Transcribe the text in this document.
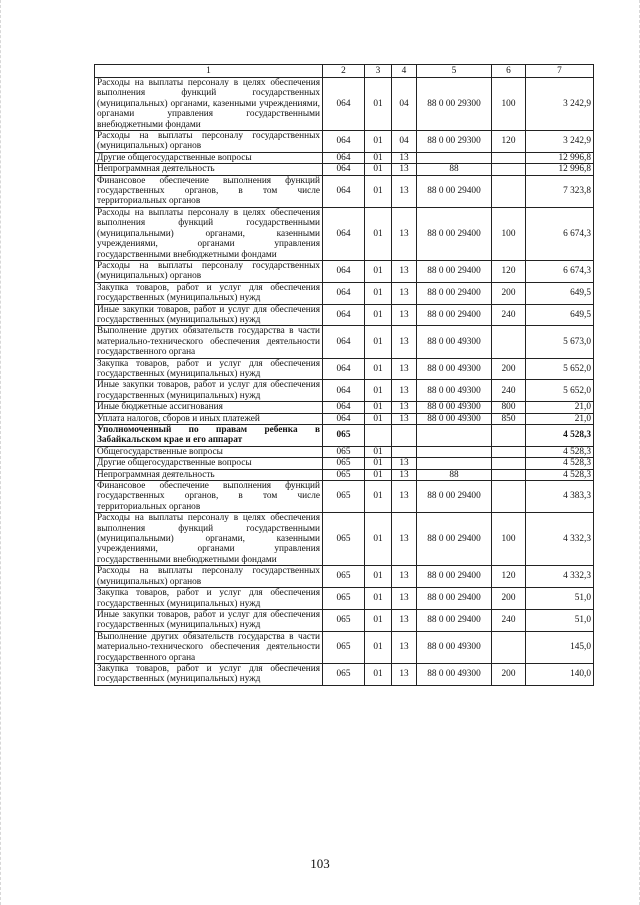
1	2	3	4	5	6	7
Расходы на выплаты персоналу в целях обеспечения выполнения функций государственных (муниципальных) органами, казенными учреждениями, органами управления государственными внебюджетными фондами	064	01	04	88 0 00 29300	100	3 242,9
Расходы на выплаты персоналу государственных (муниципальных) органов	064	01	04	88 0 00 29300	120	3 242,9
Другие общегосударственные вопросы	064	01	13			12 996,8
Непрограммная деятельность	064	01	13	88		12 996,8
Финансовое обеспечение выполнения функций государственных органов, в том числе территориальных органов	064	01	13	88 0 00 29400		7 323,8
Расходы на выплаты персоналу в целях обеспечения выполнения функций государственными (муниципальными) органами, казенными учреждениями, органами управления государственными внебюджетными фондами	064	01	13	88 0 00 29400	100	6 674,3
Расходы на выплаты персоналу государственных (муниципальных) органов	064	01	13	88 0 00 29400	120	6 674,3
Закупка товаров, работ и услуг для обеспечения государственных (муниципальных) нужд	064	01	13	88 0 00 29400	200	649,5
Иные закупки товаров, работ и услуг для обеспечения государственных (муниципальных) нужд	064	01	13	88 0 00 29400	240	649,5
Выполнение других обязательств государства в части материально-технического обеспечения деятельности государственного органа	064	01	13	88 0 00 49300		5 673,0
Закупка товаров, работ и услуг для обеспечения государственных (муниципальных) нужд	064	01	13	88 0 00 49300	200	5 652,0
Иные закупки товаров, работ и услуг для обеспечения государственных (муниципальных) нужд	064	01	13	88 0 00 49300	240	5 652,0
Иные бюджетные ассигнования	064	01	13	88 0 00 49300	800	21,0
Уплата налогов, сборов и иных платежей	064	01	13	88 0 00 49300	850	21,0
Уполномоченный по правам ребенка в Забайкальском крае и его аппарат	065					4 528,3
Общегосударственные вопросы	065	01				4 528,3
Другие общегосударственные вопросы	065	01	13			4 528,3
Непрограммная деятельность	065	01	13	88		4 528,3
Финансовое обеспечение выполнения функций государственных органов, в том числе территориальных органов	065	01	13	88 0 00 29400		4 383,3
Расходы на выплаты персоналу в целях обеспечения выполнения функций государственными (муниципальными) органами, казенными учреждениями, органами управления государственными внебюджетными фондами	065	01	13	88 0 00 29400	100	4 332,3
Расходы на выплаты персоналу государственных (муниципальных) органов	065	01	13	88 0 00 29400	120	4 332,3
Закупка товаров, работ и услуг для обеспечения государственных (муниципальных) нужд	065	01	13	88 0 00 29400	200	51,0
Иные закупки товаров, работ и услуг для обеспечения государственных (муниципальных) нужд	065	01	13	88 0 00 29400	240	51,0
Выполнение других обязательств государства в части материально-технического обеспечения деятельности государственного органа	065	01	13	88 0 00 49300		145,0
Закупка товаров, работ и услуг для обеспечения государственных (муниципальных) нужд	065	01	13	88 0 00 49300	200	140,0
103
